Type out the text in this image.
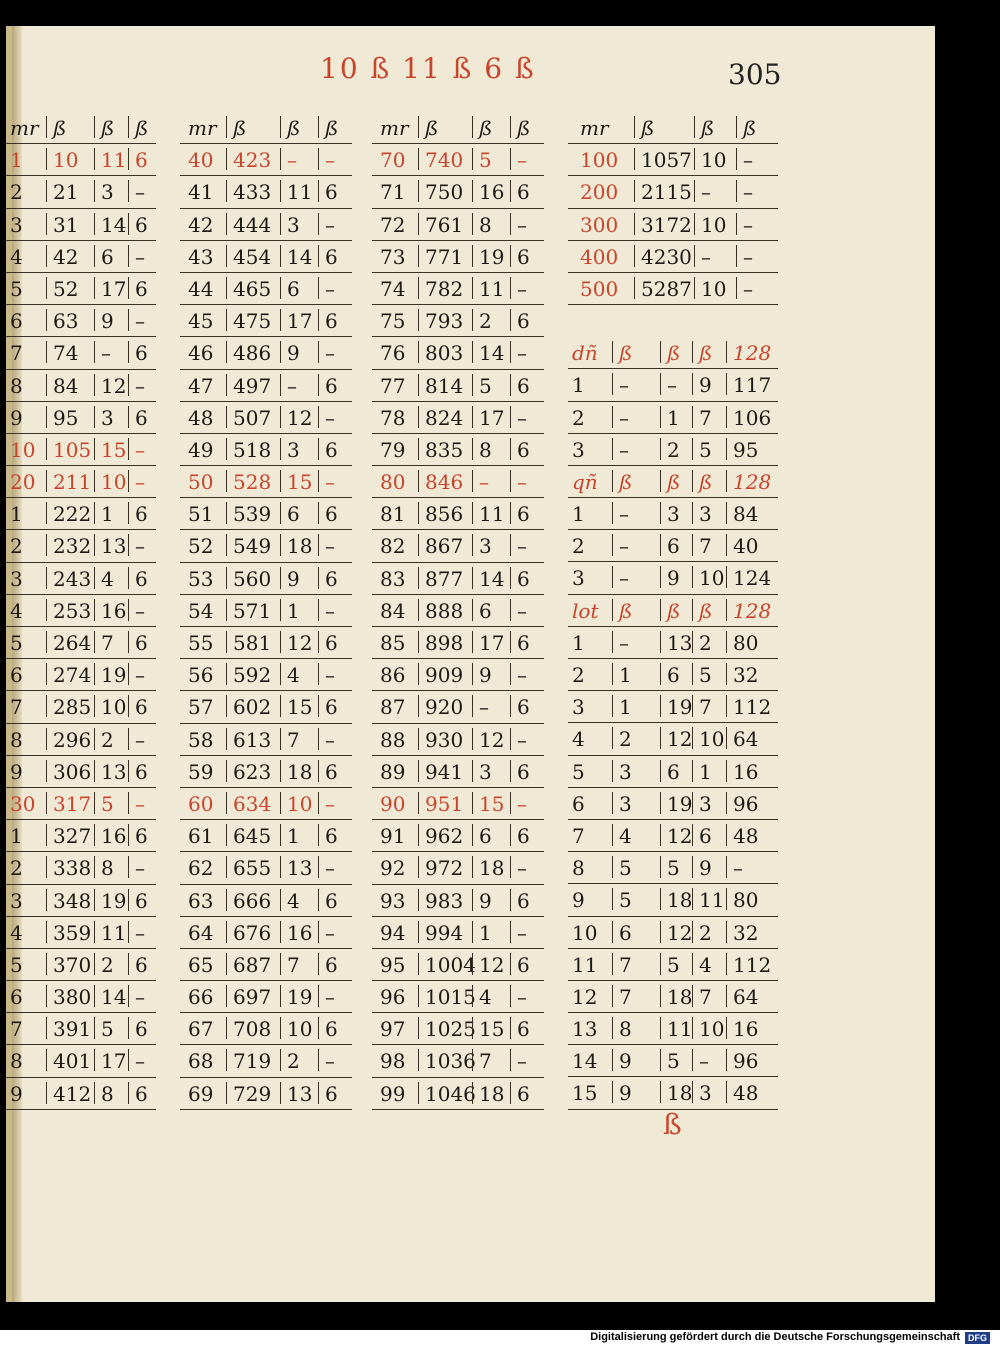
10 ß 11 ß 6 ß	305
mr ß	ß	ß
1	10	11 6
2	21	3	–
3	31	14 6
4	42	6	–
5	52	17 6
6	63	9	–
7	74	–	6
8	84	12 –
9	95	3	6
10 105 15 –
20 211 10 –
1	222 1	6
2	232 13 –
3	243 4	6
4	253 16 –
5	264 7	6
6	274 19 –
7	285 10 6
8	296 2	–
9	306 13 6
30 317 5	–
1	327 16 6
2	338 8	–
3	348 19 6
4	359 11 –
5	370 2	6
6	380 14 –
7	391 5	6
8	401 17 –
9	412 8	6
mr ß	ß	ß
40 423 –	–
41 433 11 6
42 444 3	–
43 454 14 6
44 465 6	–
45 475 17 6
46 486 9	–
47 497 –	6
48 507 12 –
49 518 3	6
50 528 15 –
51 539 6	6
52 549 18 –
53 560 9	6
54 571 1	–
55 581 12 6
56 592 4	–
57 602 15 6
58 613 7	–
59 623 18 6
60 634 10 –
61 645 1	6
62 655 13 –
63 666 4	6
64 676 16 –
65 687 7	6
66 697 19 –
67 708 10 6
68 719 2	–
69 729 13 6
mr ß	ß	ß
70 740 5	–
71 750 16 6
72 761 8	–
73 771 19 6
74 782 11 –
75 793 2	6
76 803 14 –
77 814 5	6
78 824 17 –
79 835 8	6
80 846 –	–
81 856 11 6
82 867 3	–
83 877 14 6
84 888 6	–
85 898 17 6
86 909 9	–
87 920 –	6
88 930 12 –
89 941 3	6
90 951 15 –
91 962 6	6
92 972 18 –
93 983 9	6
94 994 1	–
95 1004 12 6
96 1015 4	–
97 1025 15 6
98 1036 7	–
99 1046 18 6
mr	ß	ß	ß
100	1057 10 –
200	2115 –	–
300	3172 10 –
400	4230 –	–
500	5287 10 –
dñ	ß	ß ß	128
1	–	–	9	117
2	–	1 7	106
3	–	2 5	95
qñ	ß	ß ß	128
1	–	3 3	84
2	–	6 7	40
3	–	9 10 124
lot	ß	ß ß	128
1	–	13 2	80
2	1	6 5	32
3	1	19 7	112
4	2	12 10 64
5	3	6 1	16
6	3	19 3	96
7	4	12 6	48
8	5	5 9	–
9	5	18 11 80
10	6	12 2	32
11	7	5 4	112
12	7	18 7	64
13	8	11 10 16
14	9	5 –	96
15	9	18 3	48
ß
Digitalisierung gefördert durch die Deutsche Forschungsgemeinschaft DFG
